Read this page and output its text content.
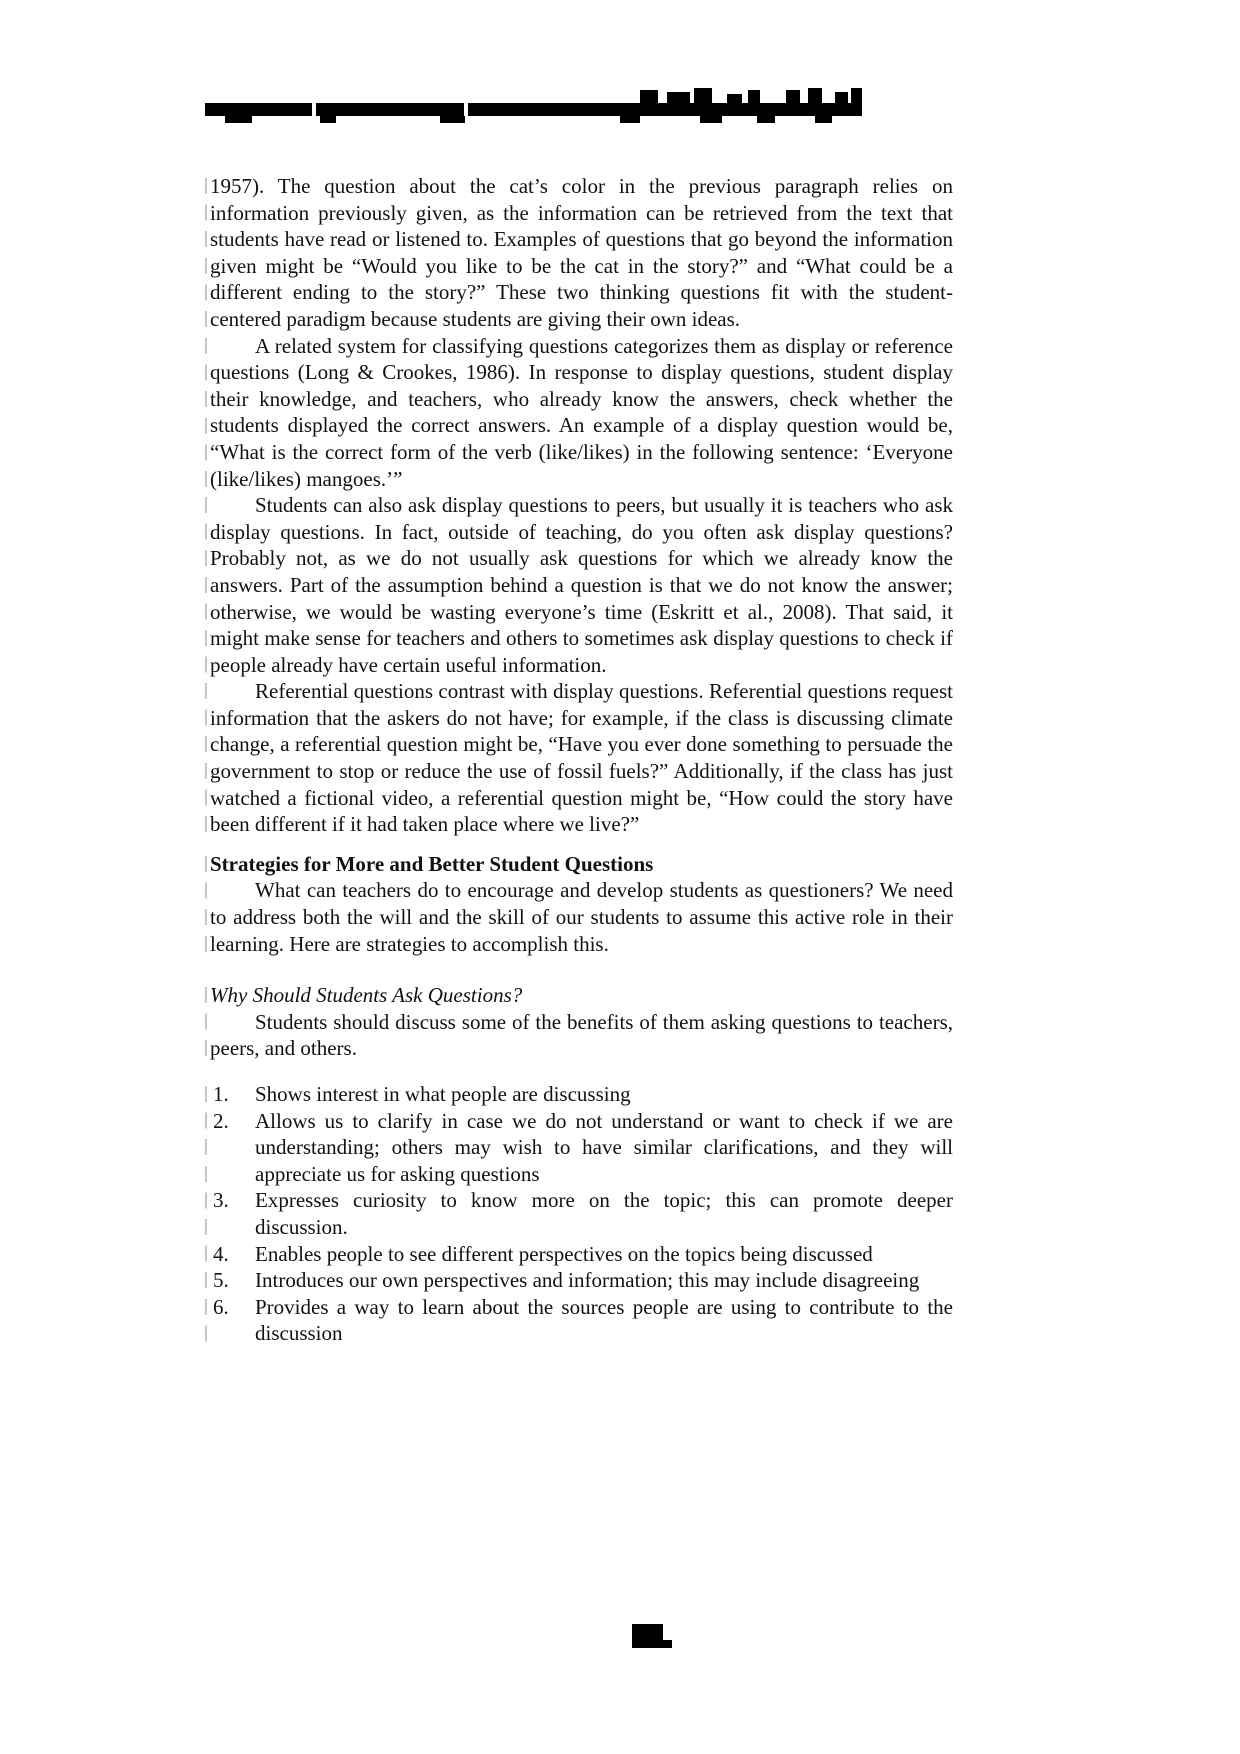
1957). The question about the cat’s color in the previous paragraph relies on information previously given, as the information can be retrieved from the text that students have read or listened to. Examples of questions that go beyond the information given might be “Would you like to be the cat in the story?” and “What could be a different ending to the story?” These two thinking questions fit with the student-centered paradigm because students are giving their own ideas.

A related system for classifying questions categorizes them as display or reference questions (Long & Crookes, 1986). In response to display questions, student display their knowledge, and teachers, who already know the answers, check whether the students displayed the correct answers. An example of a display question would be, “What is the correct form of the verb (like/likes) in the following sentence: ‘Everyone (like/likes) mangoes.’”

Students can also ask display questions to peers, but usually it is teachers who ask display questions. In fact, outside of teaching, do you often ask display questions? Probably not, as we do not usually ask questions for which we already know the answers. Part of the assumption behind a question is that we do not know the answer; otherwise, we would be wasting everyone’s time (Eskritt et al., 2008). That said, it might make sense for teachers and others to sometimes ask display questions to check if people already have certain useful information.

Referential questions contrast with display questions. Referential questions request information that the askers do not have; for example, if the class is discussing climate change, a referential question might be, “Have you ever done something to persuade the government to stop or reduce the use of fossil fuels?” Additionally, if the class has just watched a fictional video, a referential question might be, “How could the story have been different if it had taken place where we live?”

Strategies for More and Better Student Questions

What can teachers do to encourage and develop students as questioners? We need to address both the will and the skill of our students to assume this active role in their learning. Here are strategies to accomplish this.

Why Should Students Ask Questions?

Students should discuss some of the benefits of them asking questions to teachers, peers, and others.

1.	Shows interest in what people are discussing
2.	Allows us to clarify in case we do not understand or want to check if we are understanding; others may wish to have similar clarifications, and they will appreciate us for asking questions
3.	Expresses curiosity to know more on the topic; this can promote deeper discussion.
4.	Enables people to see different perspectives on the topics being discussed
5.	Introduces our own perspectives and information; this may include disagreeing
6.	Provides a way to learn about the sources people are using to contribute to the discussion
